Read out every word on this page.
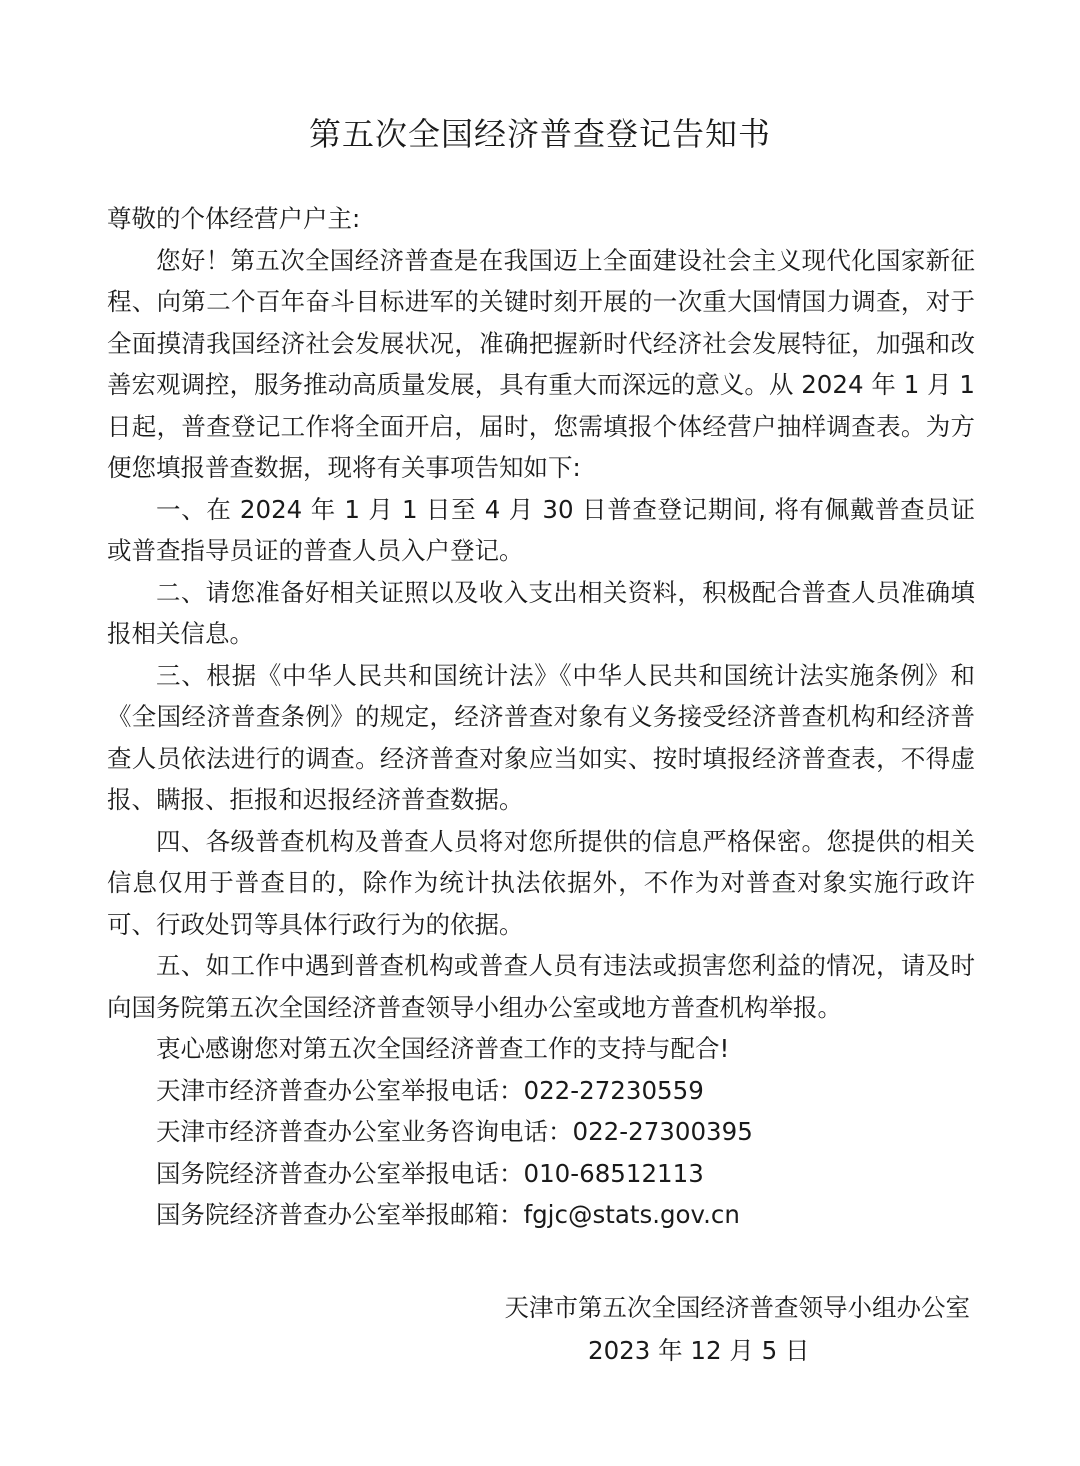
第五次全国经济普查登记告知书

尊敬的个体经营户户主:

您好！第五次全国经济普查是在我国迈上全面建设社会主义现代化国家新征程、向第二个百年奋斗目标进军的关键时刻开展的一次重大国情国力调查，对于全面摸清我国经济社会发展状况，准确把握新时代经济社会发展特征，加强和改善宏观调控，服务推动高质量发展，具有重大而深远的意义。从 2024 年 1 月 1 日起，普查登记工作将全面开启，届时，您需填报个体经营户抽样调查表。为方便您填报普查数据，现将有关事项告知如下:

一、在 2024 年 1 月 1 日至 4 月 30 日普查登记期间, 将有佩戴普查员证或普查指导员证的普查人员入户登记。

二、请您准备好相关证照以及收入支出相关资料，积极配合普查人员准确填报相关信息。

三、根据《中华人民共和国统计法》《中华人民共和国统计法实施条例》和《全国经济普查条例》的规定，经济普查对象有义务接受经济普查机构和经济普查人员依法进行的调查。经济普查对象应当如实、按时填报经济普查表，不得虚报、瞒报、拒报和迟报经济普查数据。

四、各级普查机构及普查人员将对您所提供的信息严格保密。您提供的相关信息仅用于普查目的，除作为统计执法依据外，不作为对普查对象实施行政许可、行政处罚等具体行政行为的依据。

五、如工作中遇到普查机构或普查人员有违法或损害您利益的情况，请及时向国务院第五次全国经济普查领导小组办公室或地方普查机构举报。

衷心感谢您对第五次全国经济普查工作的支持与配合!

天津市经济普查办公室举报电话：022-27230559

天津市经济普查办公室业务咨询电话：022-27300395

国务院经济普查办公室举报电话：010-68512113

国务院经济普查办公室举报邮箱：fgjc@stats.gov.cn

天津市第五次全国经济普查领导小组办公室

2023 年 12 月 5 日
